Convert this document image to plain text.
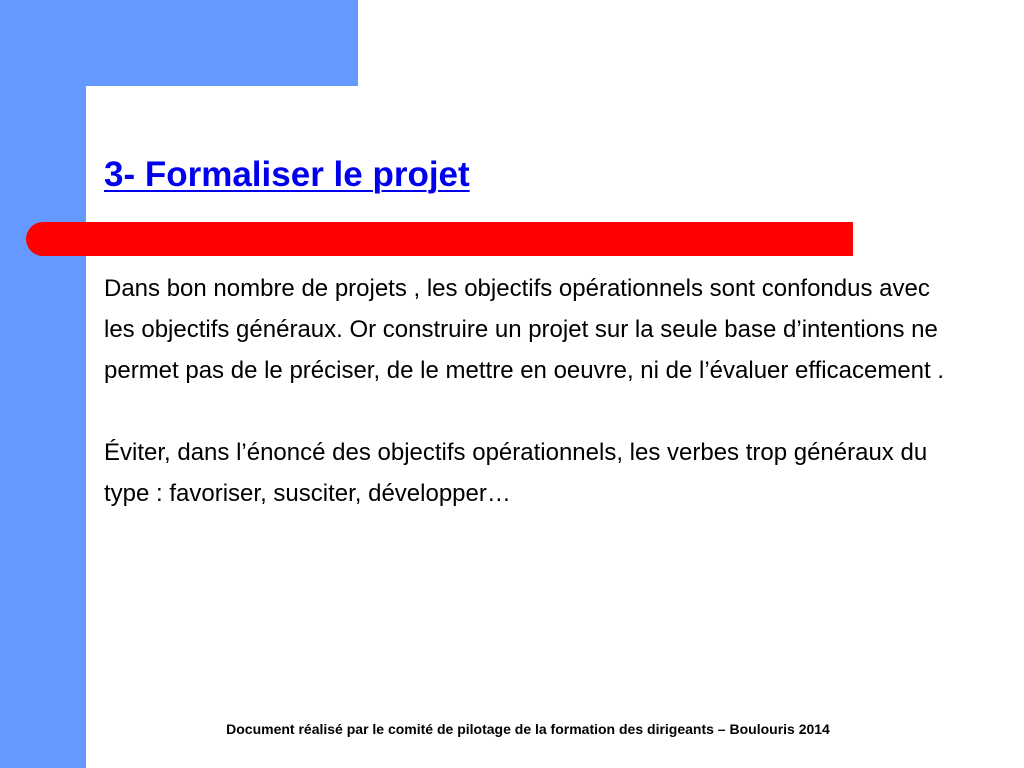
3- Formaliser le projet

Dans bon nombre de projets , les objectifs opérationnels sont confondus avec les objectifs généraux. Or construire un projet sur la seule base d’intentions ne permet pas de le préciser, de le mettre en oeuvre, ni de l’évaluer efficacement .

Éviter, dans l’énoncé des objectifs opérationnels, les verbes trop généraux du type : favoriser, susciter, développer…

Document réalisé par le comité de pilotage de la formation des dirigeants – Boulouris 2014
